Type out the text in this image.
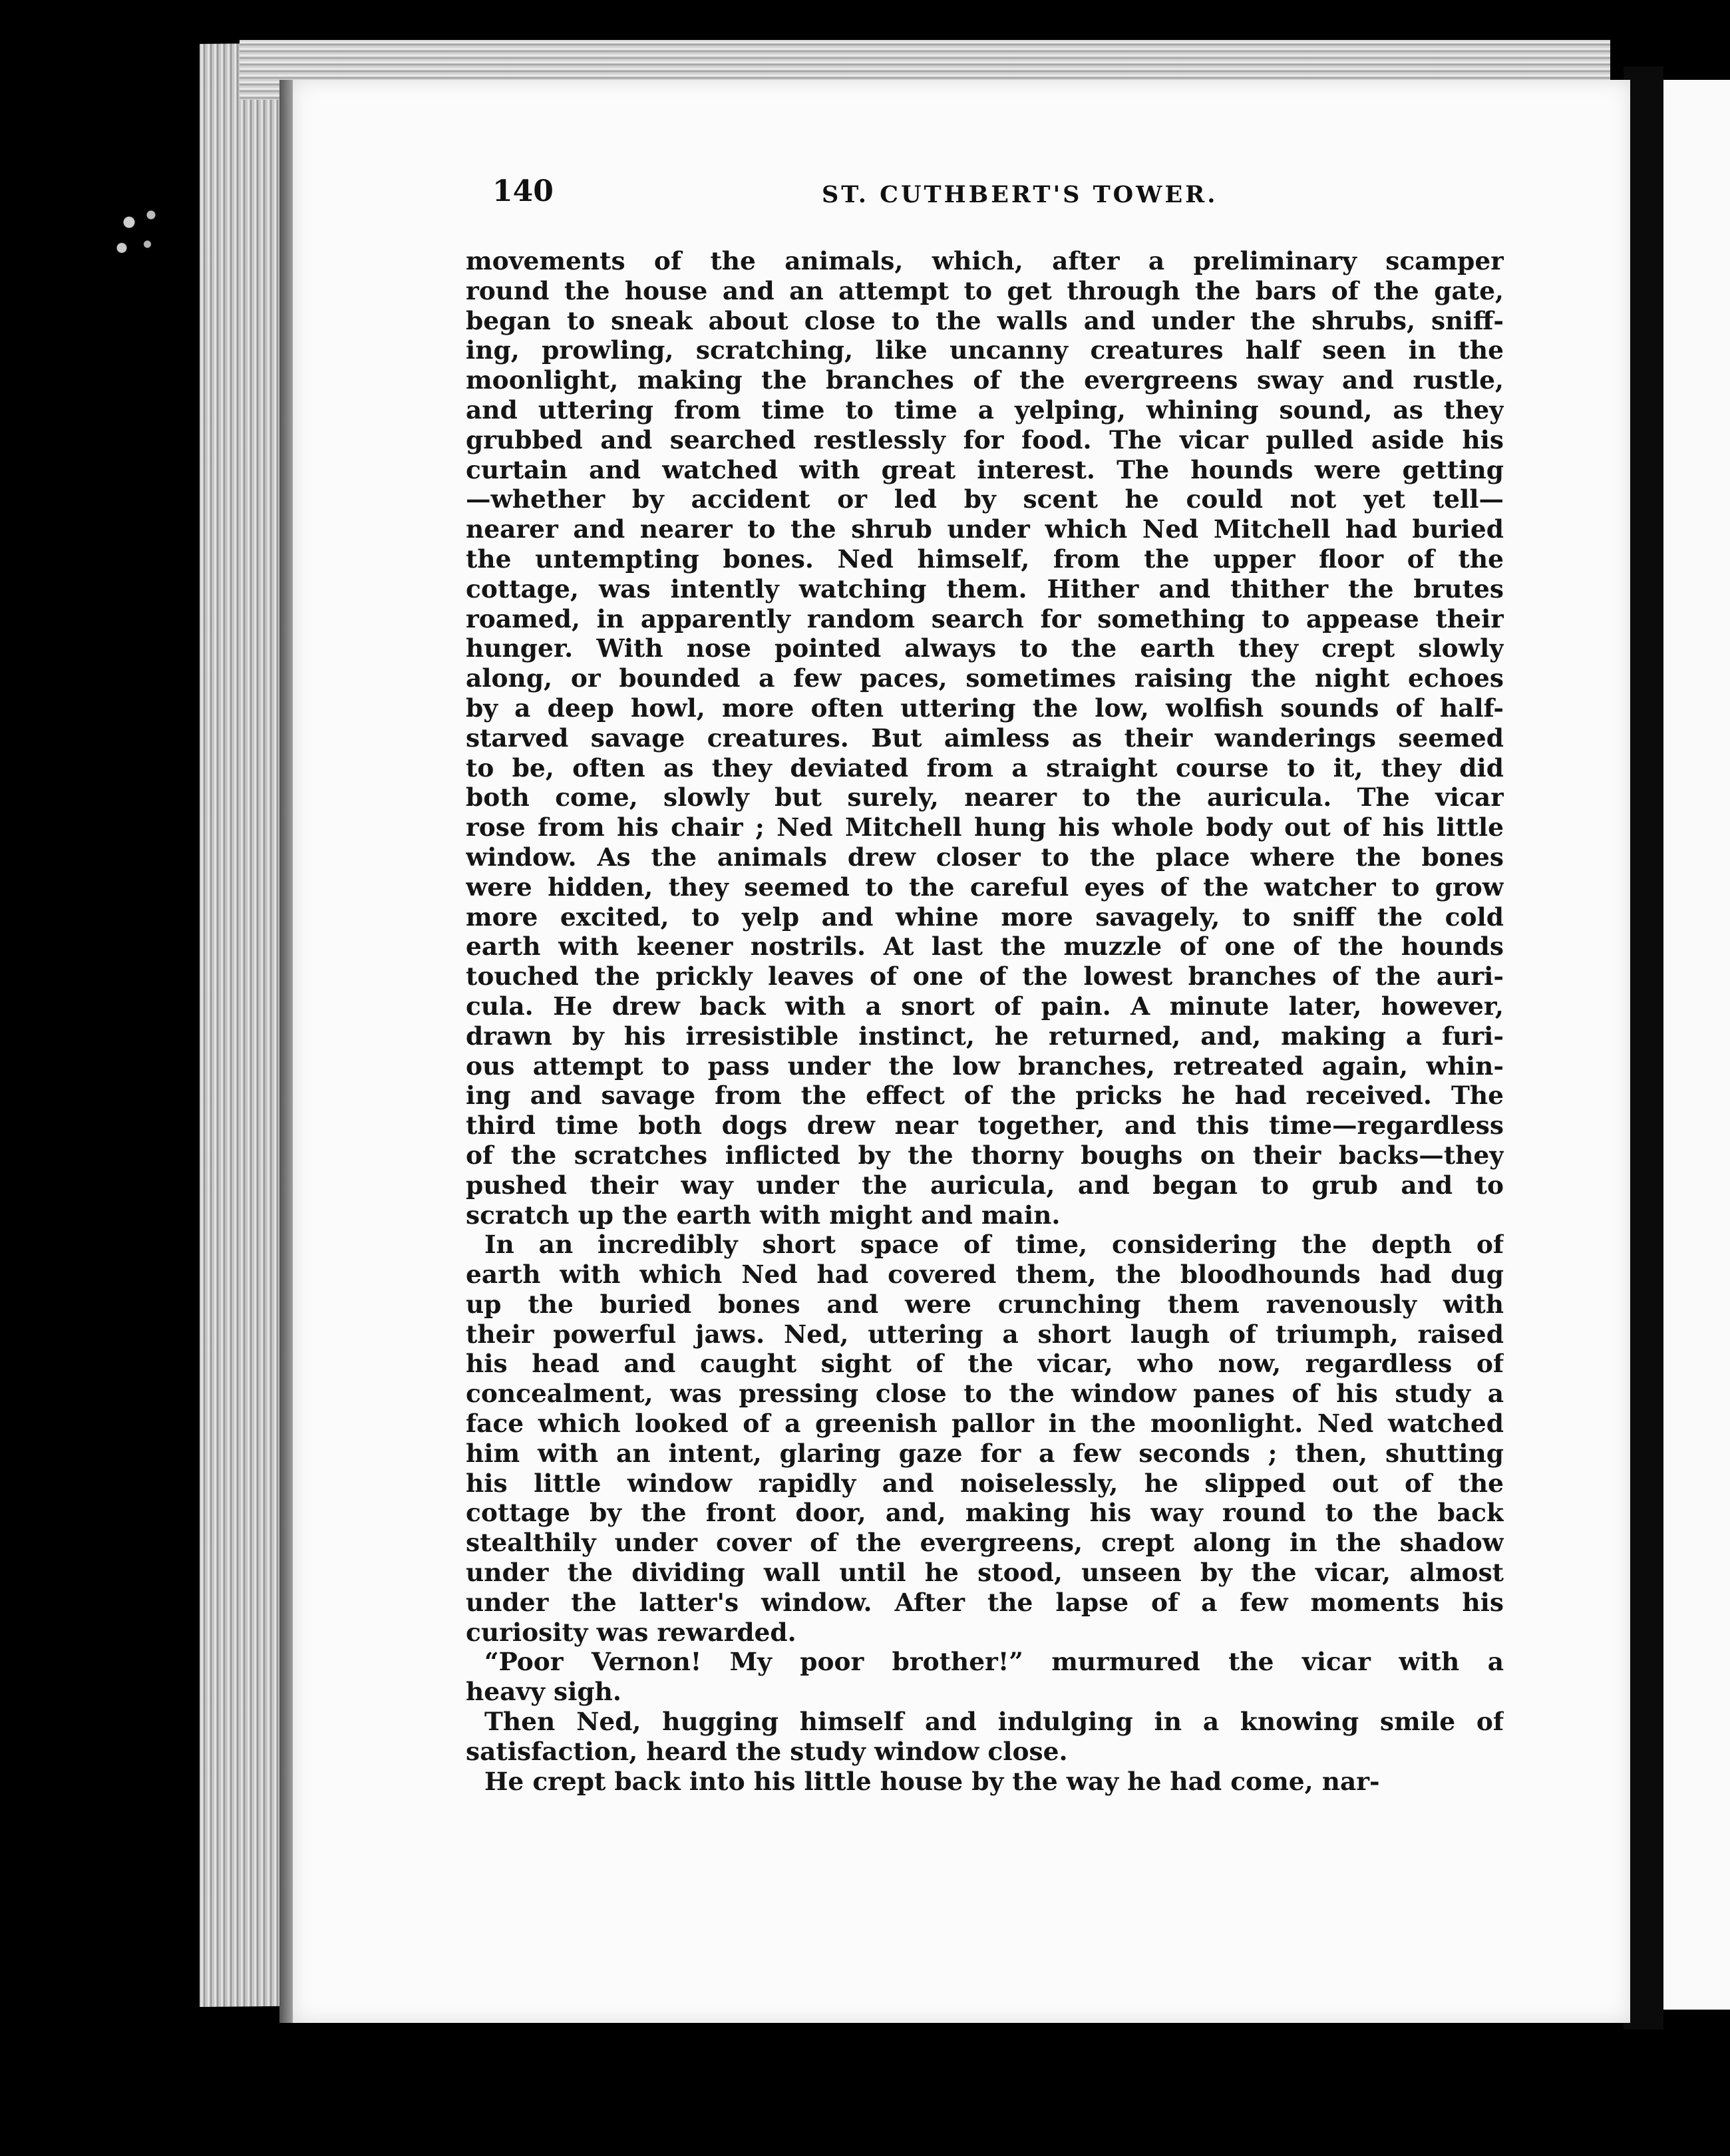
140	ST. CUTHBERT'S TOWER.
movements of the animals, which, after a preliminary scamper
round the house and an attempt to get through the bars of the gate,
began to sneak about close to the walls and under the shrubs, sniff-
ing, prowling, scratching, like uncanny creatures half seen in the
moonlight, making the branches of the evergreens sway and rustle,
and uttering from time to time a yelping, whining sound, as they
grubbed and searched restlessly for food. The vicar pulled aside his
curtain and watched with great interest. The hounds were getting
—whether by accident or led by scent he could not yet tell—
nearer and nearer to the shrub under which Ned Mitchell had buried
the untempting bones. Ned himself, from the upper floor of the
cottage, was intently watching them. Hither and thither the brutes
roamed, in apparently random search for something to appease their
hunger. With nose pointed always to the earth they crept slowly
along, or bounded a few paces, sometimes raising the night echoes
by a deep howl, more often uttering the low, wolfish sounds of half-
starved savage creatures. But aimless as their wanderings seemed
to be, often as they deviated from a straight course to it, they did
both come, slowly but surely, nearer to the auricula. The vicar
rose from his chair ; Ned Mitchell hung his whole body out of his little
window. As the animals drew closer to the place where the bones
were hidden, they seemed to the careful eyes of the watcher to grow
more excited, to yelp and whine more savagely, to sniff the cold
earth with keener nostrils. At last the muzzle of one of the hounds
touched the prickly leaves of one of the lowest branches of the auri-
cula. He drew back with a snort of pain. A minute later, however,
drawn by his irresistible instinct, he returned, and, making a furi-
ous attempt to pass under the low branches, retreated again, whin-
ing and savage from the effect of the pricks he had received. The
third time both dogs drew near together, and this time—regardless
of the scratches inflicted by the thorny boughs on their backs—they
pushed their way under the auricula, and began to grub and to
scratch up the earth with might and main.
In an incredibly short space of time, considering the depth of
earth with which Ned had covered them, the bloodhounds had dug
up the buried bones and were crunching them ravenously with
their powerful jaws. Ned, uttering a short laugh of triumph, raised
his head and caught sight of the vicar, who now, regardless of
concealment, was pressing close to the window panes of his study a
face which looked of a greenish pallor in the moonlight. Ned watched
him with an intent, glaring gaze for a few seconds ; then, shutting
his little window rapidly and noiselessly, he slipped out of the
cottage by the front door, and, making his way round to the back
stealthily under cover of the evergreens, crept along in the shadow
under the dividing wall until he stood, unseen by the vicar, almost
under the latter's window. After the lapse of a few moments his
curiosity was rewarded.
“Poor Vernon! My poor brother!” murmured the vicar with a
heavy sigh.
Then Ned, hugging himself and indulging in a knowing smile of
satisfaction, heard the study window close.
He crept back into his little house by the way he had come, nar-
